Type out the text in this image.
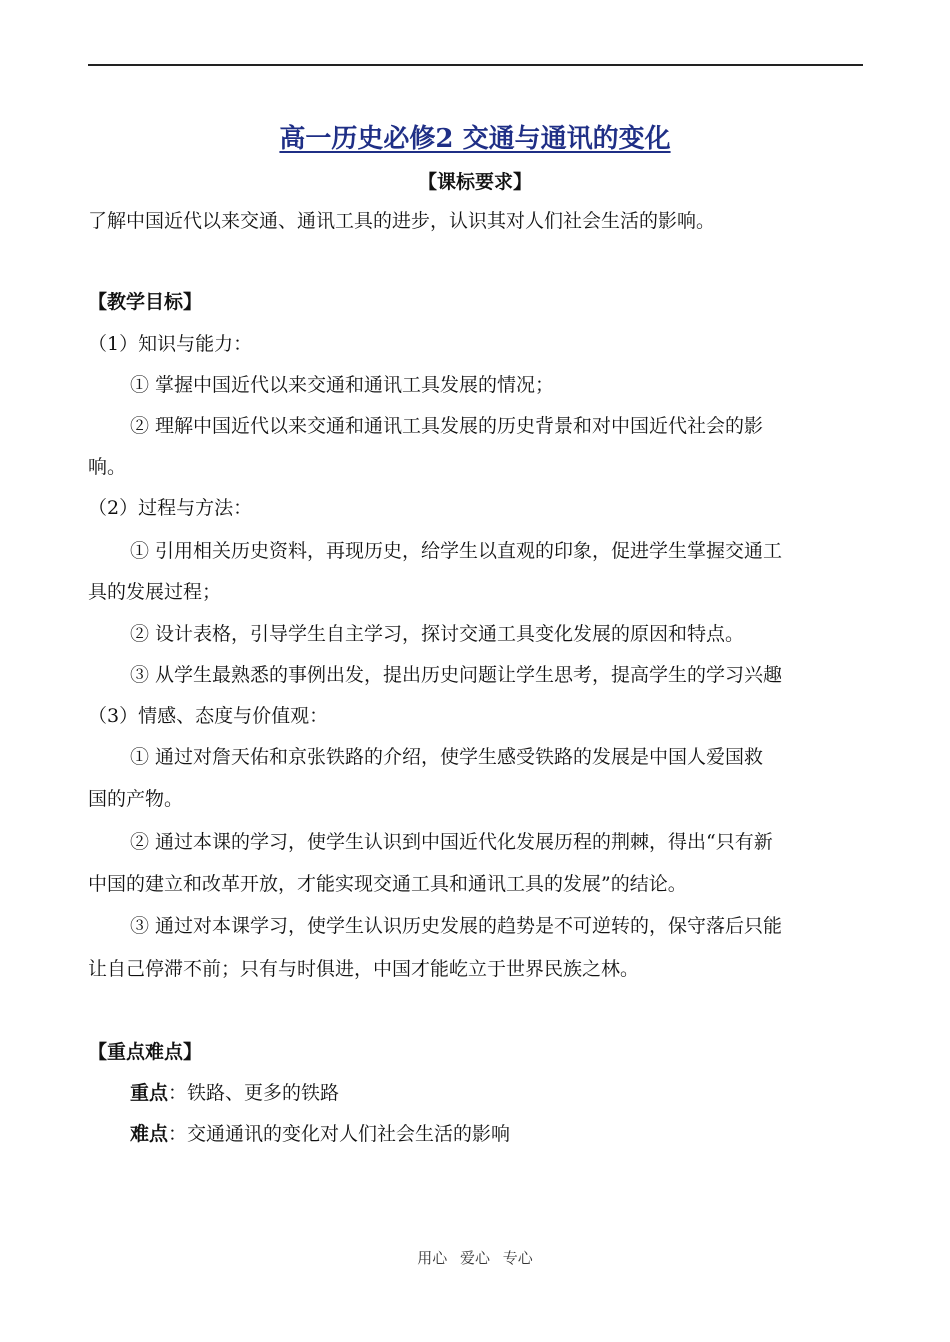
高一历史必修2 交通与通讯的变化
【课标要求】
了解中国近代以来交通、通讯工具的进步，认识其对人们社会生活的影响。
【教学目标】
（1）知识与能力：
① 掌握中国近代以来交通和通讯工具发展的情况；
② 理解中国近代以来交通和通讯工具发展的历史背景和对中国近代社会的影
响。
（2）过程与方法：
① 引用相关历史资料，再现历史，给学生以直观的印象，促进学生掌握交通工
具的发展过程；
② 设计表格，引导学生自主学习，探讨交通工具变化发展的原因和特点。
③ 从学生最熟悉的事例出发，提出历史问题让学生思考，提高学生的学习兴趣
（3）情感、态度与价值观：
① 通过对詹天佑和京张铁路的介绍，使学生感受铁路的发展是中国人爱国救
国的产物。
② 通过本课的学习，使学生认识到中国近代化发展历程的荆棘，得出“只有新
中国的建立和改革开放，才能实现交通工具和通讯工具的发展”的结论。
③ 通过对本课学习，使学生认识历史发展的趋势是不可逆转的，保守落后只能
让自己停滞不前；只有与时俱进，中国才能屹立于世界民族之林。
【重点难点】
重点：铁路、更多的铁路
难点：交通通讯的变化对人们社会生活的影响
用心 爱心 专心
